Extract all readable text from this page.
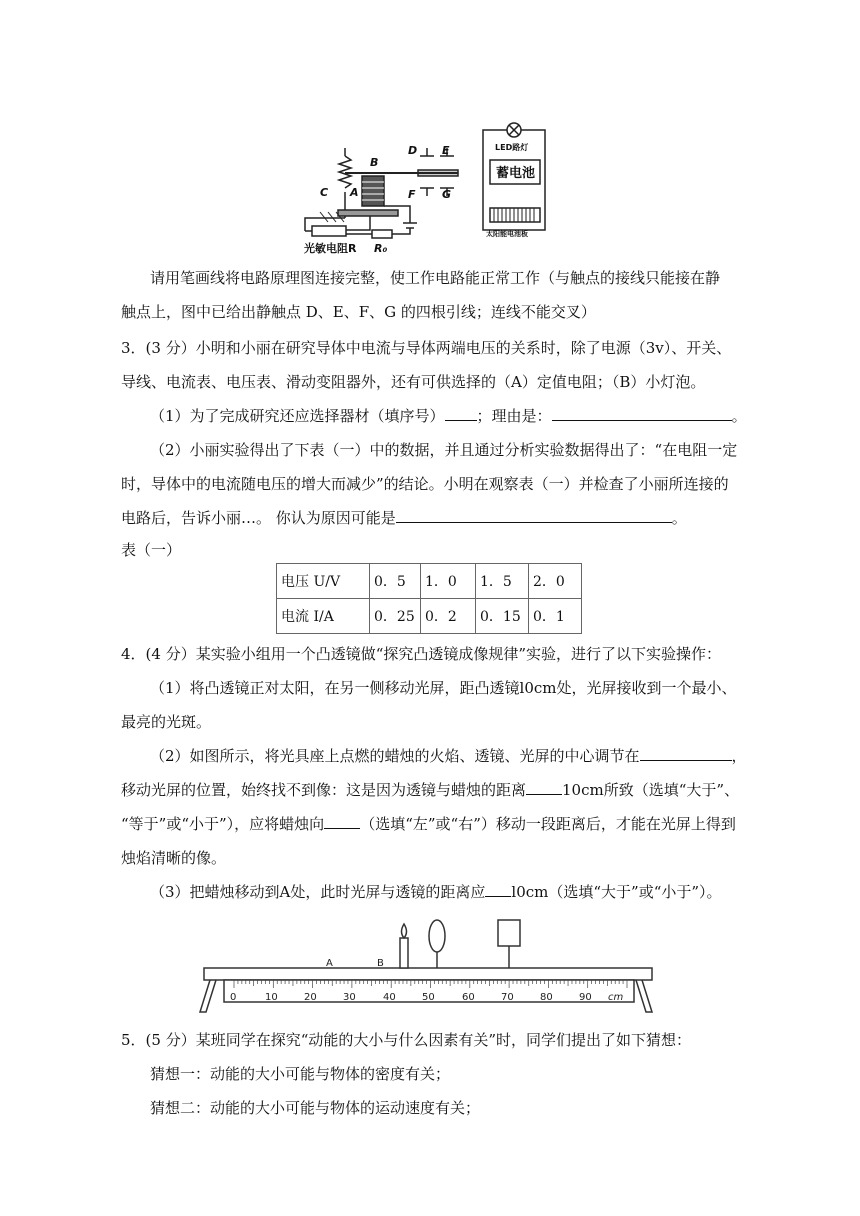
B
C A
D E
F G
光敏电阻R R₀
LED路灯
蓄电池
太阳能电池板
请用笔画线将电路原理图连接完整，使工作电路能正常工作（与触点的接线只能接在静
触点上，图中已给出静触点 D、E、F、G 的四根引线；连线不能交叉）
3．(3 分）小明和小丽在研究导体中电流与导体两端电压的关系时，除了电源（3v）、开关、
导线、电流表、电压表、滑动变阻器外，还有可供选择的（A）定值电阻；（B）小灯泡。
（1）为了完成研究还应选择器材（填序号） ；理由是：	。
（2）小丽实验得出了下表（一）中的数据，并且通过分析实验数据得出了：“在电阻一定
时，导体中的电流随电压的增大而减少”的结论。小明在观察表（一）并检查了小丽所连接的
电路后，告诉小丽…。 你认为原因可能是	。
表（一）
电压 U/V	0．5	1．0	1．5	2．0
电流 I/A	0．25	0．2	0．15	0．1
4．(4 分）某实验小组用一个凸透镜做“探究凸透镜成像规律”实验，进行了以下实验操作：
（1）将凸透镜正对太阳，在另一侧移动光屏，距凸透镜l0cm处，光屏接收到一个最小、
最亮的光斑。
（2）如图所示，将光具座上点燃的蜡烛的火焰、透镜、光屏的中心调节在	，
移动光屏的位置，始终找不到像：这是因为透镜与蜡烛的距离 10cm所致（选填“大于”、
“等于”或“小于”），应将蜡烛向 （选填“左”或“右”）移动一段距离后，才能在光屏上得到
烛焰清晰的像。
（3）把蜡烛移动到A处，此时光屏与透镜的距离应 l0cm（选填“大于”或“小于”）。
A	B
0	10	20	30	40	50	60	70	80	90 cm
5．(5 分）某班同学在探究“动能的大小与什么因素有关”时，同学们提出了如下猜想：
猜想一：动能的大小可能与物体的密度有关；
猜想二：动能的大小可能与物体的运动速度有关；
